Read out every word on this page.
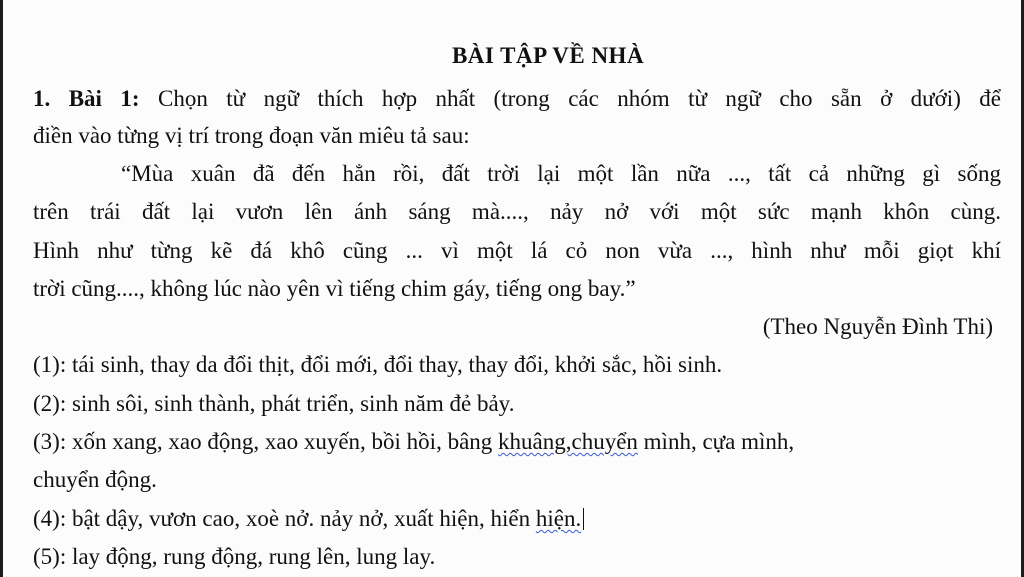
BÀI TẬP VỀ NHÀ
1. Bài 1: Chọn từ ngữ thích hợp nhất (trong các nhóm từ ngữ cho sẵn ở dưới) để
điền vào từng vị trí trong đoạn văn miêu tả sau:
“Mùa xuân đã đến hẳn rồi, đất trời lại một lần nữa ..., tất cả những gì sống
trên trái đất lại vươn lên ánh sáng mà...., nảy nở với một sức mạnh khôn cùng.
Hình như từng kẽ đá khô cũng ... vì một lá cỏ non vừa ..., hình như mỗi giọt khí
trời cũng...., không lúc nào yên vì tiếng chim gáy, tiếng ong bay.”
(Theo Nguyễn Đình Thi)
(1): tái sinh, thay da đổi thịt, đổi mới, đổi thay, thay đổi, khởi sắc, hồi sinh.
(2): sinh sôi, sinh thành, phát triển, sinh năm đẻ bảy.
(3): xốn xang, xao động, xao xuyến, bồi hồi, bâng khuâng,chuyển mình, cựa mình,
chuyển động.
(4): bật dậy, vươn cao, xoè nở. nảy nở, xuất hiện, hiển hiện.
(5): lay động, rung động, rung lên, lung lay.
